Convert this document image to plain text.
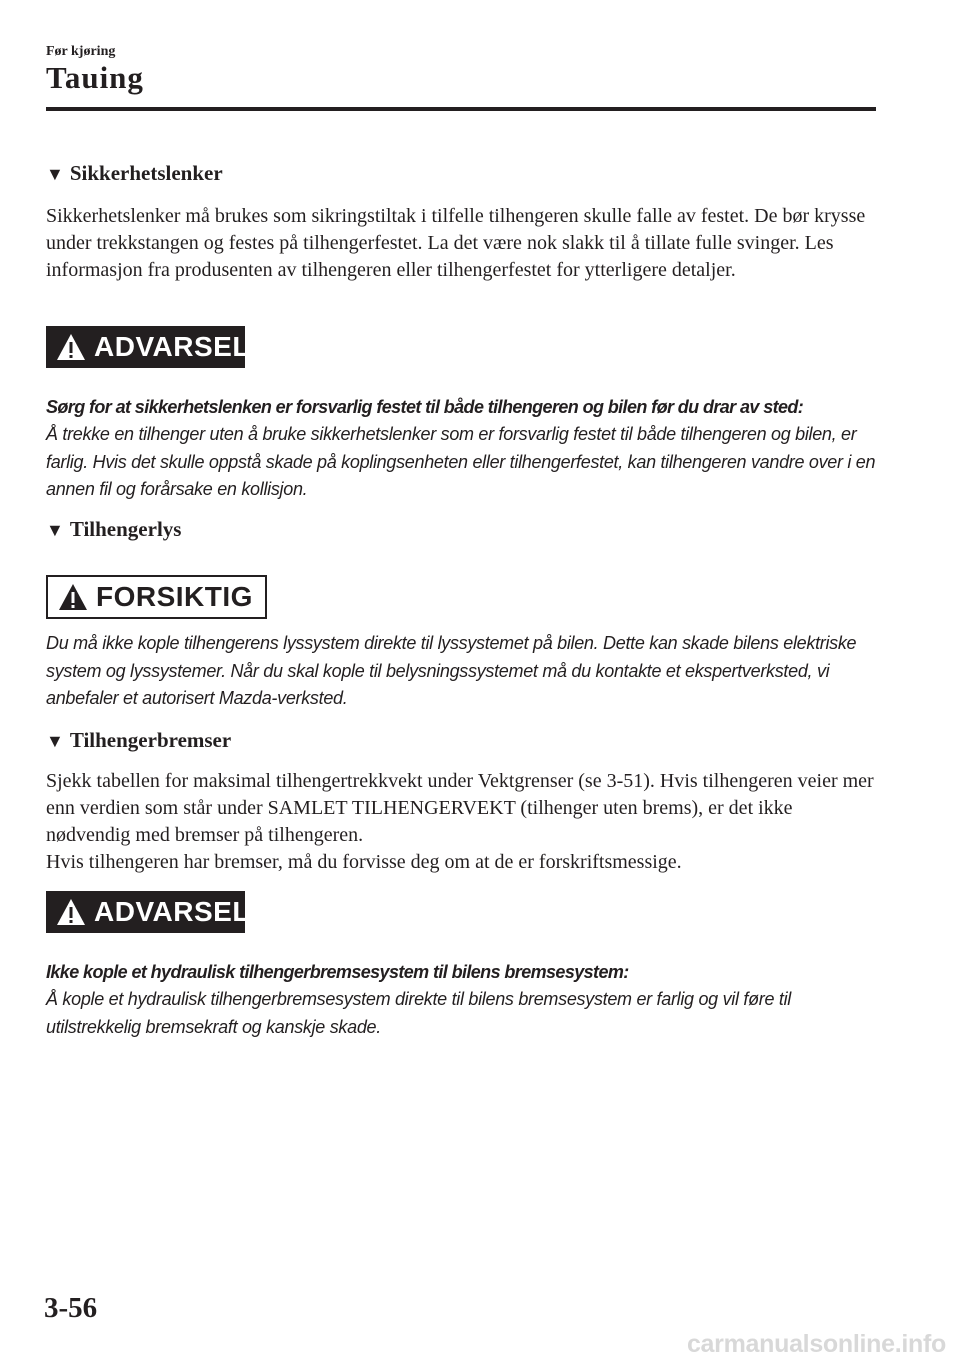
Før kjøring
Tauing
▼ Sikkerhetslenker

Sikkerhetslenker må brukes som sikringstiltak i tilfelle tilhengeren skulle falle av festet. De bør krysse under trekkstangen og festes på tilhengerfestet. La det være nok slakk til å tillate fulle svinger. Les informasjon fra produsenten av tilhengeren eller tilhengerfestet for ytterligere detaljer.

ADVARSEL

Sørg for at sikkerhetslenken er forsvarlig festet til både tilhengeren og bilen før du drar av sted:

Å trekke en tilhenger uten å bruke sikkerhetslenker som er forsvarlig festet til både tilhengeren og bilen, er farlig. Hvis det skulle oppstå skade på koplingsenheten eller tilhengerfestet, kan tilhengeren vandre over i en annen fil og forårsake en kollisjon.

▼ Tilhengerlys
FORSIKTIG

Du må ikke kople tilhengerens lyssystem direkte til lyssystemet på bilen. Dette kan skade bilens elektriske system og lyssystemer. Når du skal kople til belysningssystemet må du kontakte et ekspertverksted, vi anbefaler et autorisert Mazda-verksted.

▼ Tilhengerbremser

Sjekk tabellen for maksimal tilhengertrekkvekt under Vektgrenser (se 3-51). Hvis tilhengeren veier mer enn verdien som står under SAMLET TILHENGERVEKT (tilhenger uten brems), er det ikke nødvendig med bremser på tilhengeren.

Hvis tilhengeren har bremser, må du forvisse deg om at de er forskriftsmessige.

ADVARSEL

Ikke kople et hydraulisk tilhengerbremsesystem til bilens bremsesystem:

Å kople et hydraulisk tilhengerbremsesystem direkte til bilens bremsesystem er farlig og vil føre til utilstrekkelig bremsekraft og kanskje skade.

3-56
carmanualsonline.info
